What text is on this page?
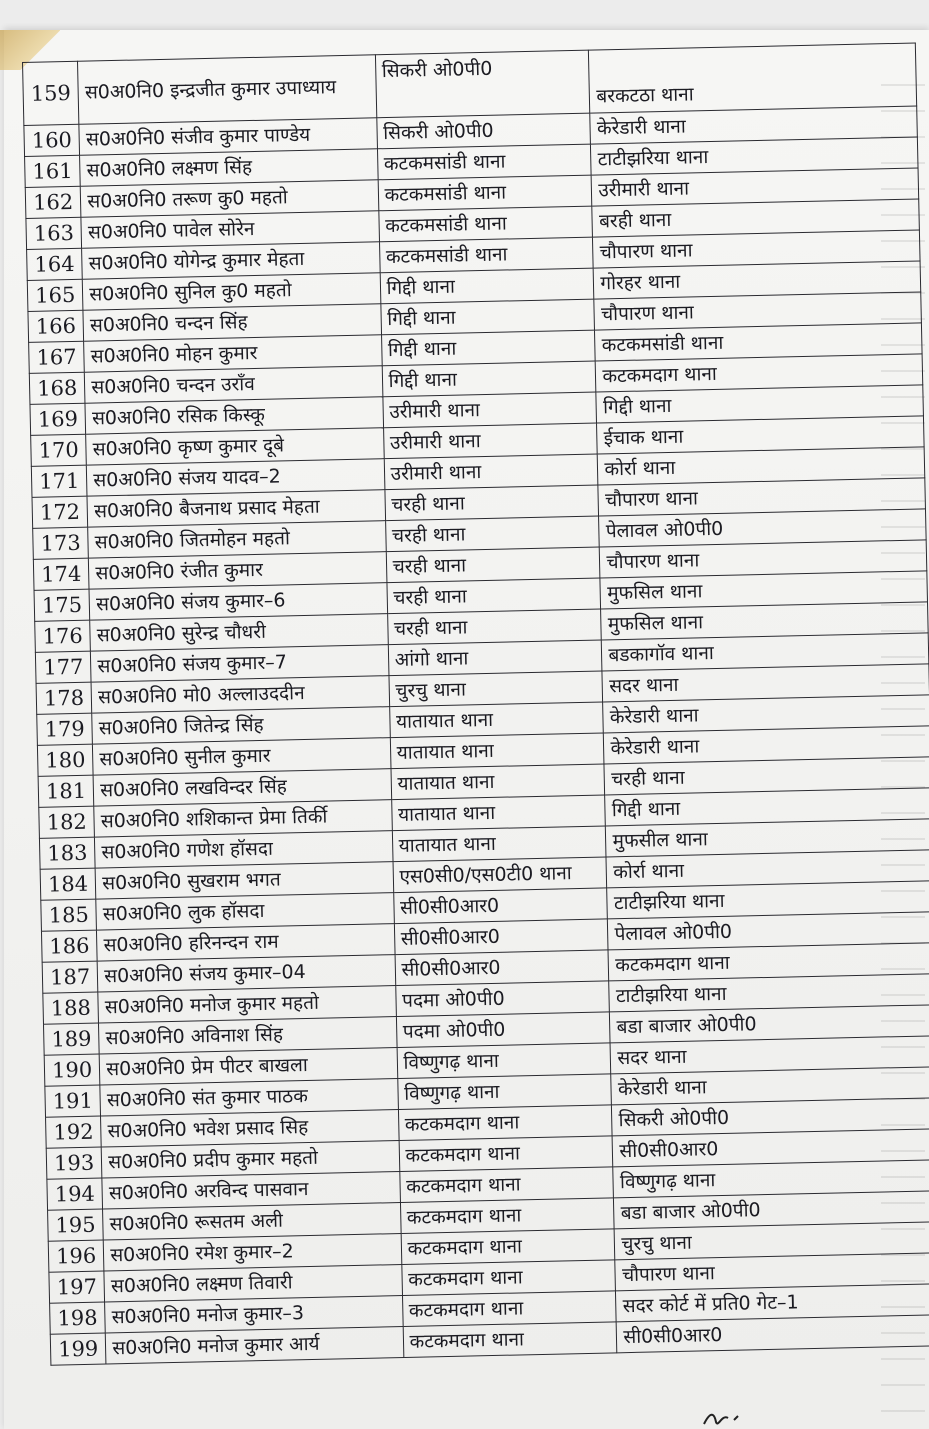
159	स0अ0नि0 इन्द्रजीत कुमार उपाध्याय	सिकरी ओ0पी0	बरकटठा थाना
160	स0अ0नि0 संजीव कुमार पाण्डेय	सिकरी ओ0पी0	केरेडारी थाना
161	स0अ0नि0 लक्ष्मण सिंह	कटकमसांडी थाना	टाटीझरिया थाना
162	स0अ0नि0 तरूण कु0 महतो	कटकमसांडी थाना	उरीमारी थाना
163	स0अ0नि0 पावेल सोरेन	कटकमसांडी थाना	बरही थाना
164	स0अ0नि0 योगेन्द्र कुमार मेहता	कटकमसांडी थाना	चौपारण थाना
165	स0अ0नि0 सुनिल कु0 महतो	गिद्दी थाना	गोरहर थाना
166	स0अ0नि0 चन्दन सिंह	गिद्दी थाना	चौपारण थाना
167	स0अ0नि0 मोहन कुमार	गिद्दी थाना	कटकमसांडी थाना
168	स0अ0नि0 चन्दन उराँव	गिद्दी थाना	कटकमदाग थाना
169	स0अ0नि0 रसिक किस्कू	उरीमारी थाना	गिद्दी थाना
170	स0अ0नि0 कृष्ण कुमार दूबे	उरीमारी थाना	ईचाक थाना
171	स0अ0नि0 संजय यादव–2	उरीमारी थाना	कोर्रा थाना
172	स0अ0नि0 बैजनाथ प्रसाद मेहता	चरही थाना	चौपारण थाना
173	स0अ0नि0 जितमोहन महतो	चरही थाना	पेलावल ओ0पी0
174	स0अ0नि0 रंजीत कुमार	चरही थाना	चौपारण थाना
175	स0अ0नि0 संजय कुमार–6	चरही थाना	मुफसिल थाना
176	स0अ0नि0 सुरेन्द्र चौधरी	चरही थाना	मुफसिल थाना
177	स0अ0नि0 संजय कुमार–7	आंगो थाना	बडकागॉव थाना
178	स0अ0नि0 मो0 अल्लाउददीन	चुरचु थाना	सदर थाना
179	स0अ0नि0 जितेन्द्र सिंह	यातायात थाना	केरेडारी थाना
180	स0अ0नि0 सुनील कुमार	यातायात थाना	केरेडारी थाना
181	स0अ0नि0 लखविन्दर सिंह	यातायात थाना	चरही थाना
182	स0अ0नि0 शशिकान्त प्रेमा तिर्की	यातायात थाना	गिद्दी थाना
183	स0अ0नि0 गणेश हॉसदा	यातायात थाना	मुफसील थाना
184	स0अ0नि0 सुखराम भगत	एस0सी0/एस0टी0 थाना	कोर्रा थाना
185	स0अ0नि0 लुक हॉसदा	सी0सी0आर0	टाटीझरिया थाना
186	स0अ0नि0 हरिनन्दन राम	सी0सी0आर0	पेलावल ओ0पी0
187	स0अ0नि0 संजय कुमार–04	सी0सी0आर0	कटकमदाग थाना
188	स0अ0नि0 मनोज कुमार महतो	पदमा ओ0पी0	टाटीझरिया थाना
189	स0अ0नि0 अविनाश सिंह	पदमा ओ0पी0	बडा बाजार ओ0पी0
190	स0अ0नि0 प्रेम पीटर बाखला	विष्णुगढ़ थाना	सदर थाना
191	स0अ0नि0 संत कुमार पाठक	विष्णुगढ़ थाना	केरेडारी थाना
192	स0अ0नि0 भवेश प्रसाद सिह	कटकमदाग थाना	सिकरी ओ0पी0
193	स0अ0नि0 प्रदीप कुमार महतो	कटकमदाग थाना	सी0सी0आर0
194	स0अ0नि0 अरविन्द पासवान	कटकमदाग थाना	विष्णुगढ़ थाना
195	स0अ0नि0 रूसतम अली	कटकमदाग थाना	बडा बाजार ओ0पी0
196	स0अ0नि0 रमेश कुमार–2	कटकमदाग थाना	चुरचु थाना
197	स0अ0नि0 लक्ष्मण तिवारी	कटकमदाग थाना	चौपारण थाना
198	स0अ0नि0 मनोज कुमार–3	कटकमदाग थाना	सदर कोर्ट में प्रति0 गेट–1
199	स0अ0नि0 मनोज कुमार आर्य	कटकमदाग थाना	सी0सी0आर0
